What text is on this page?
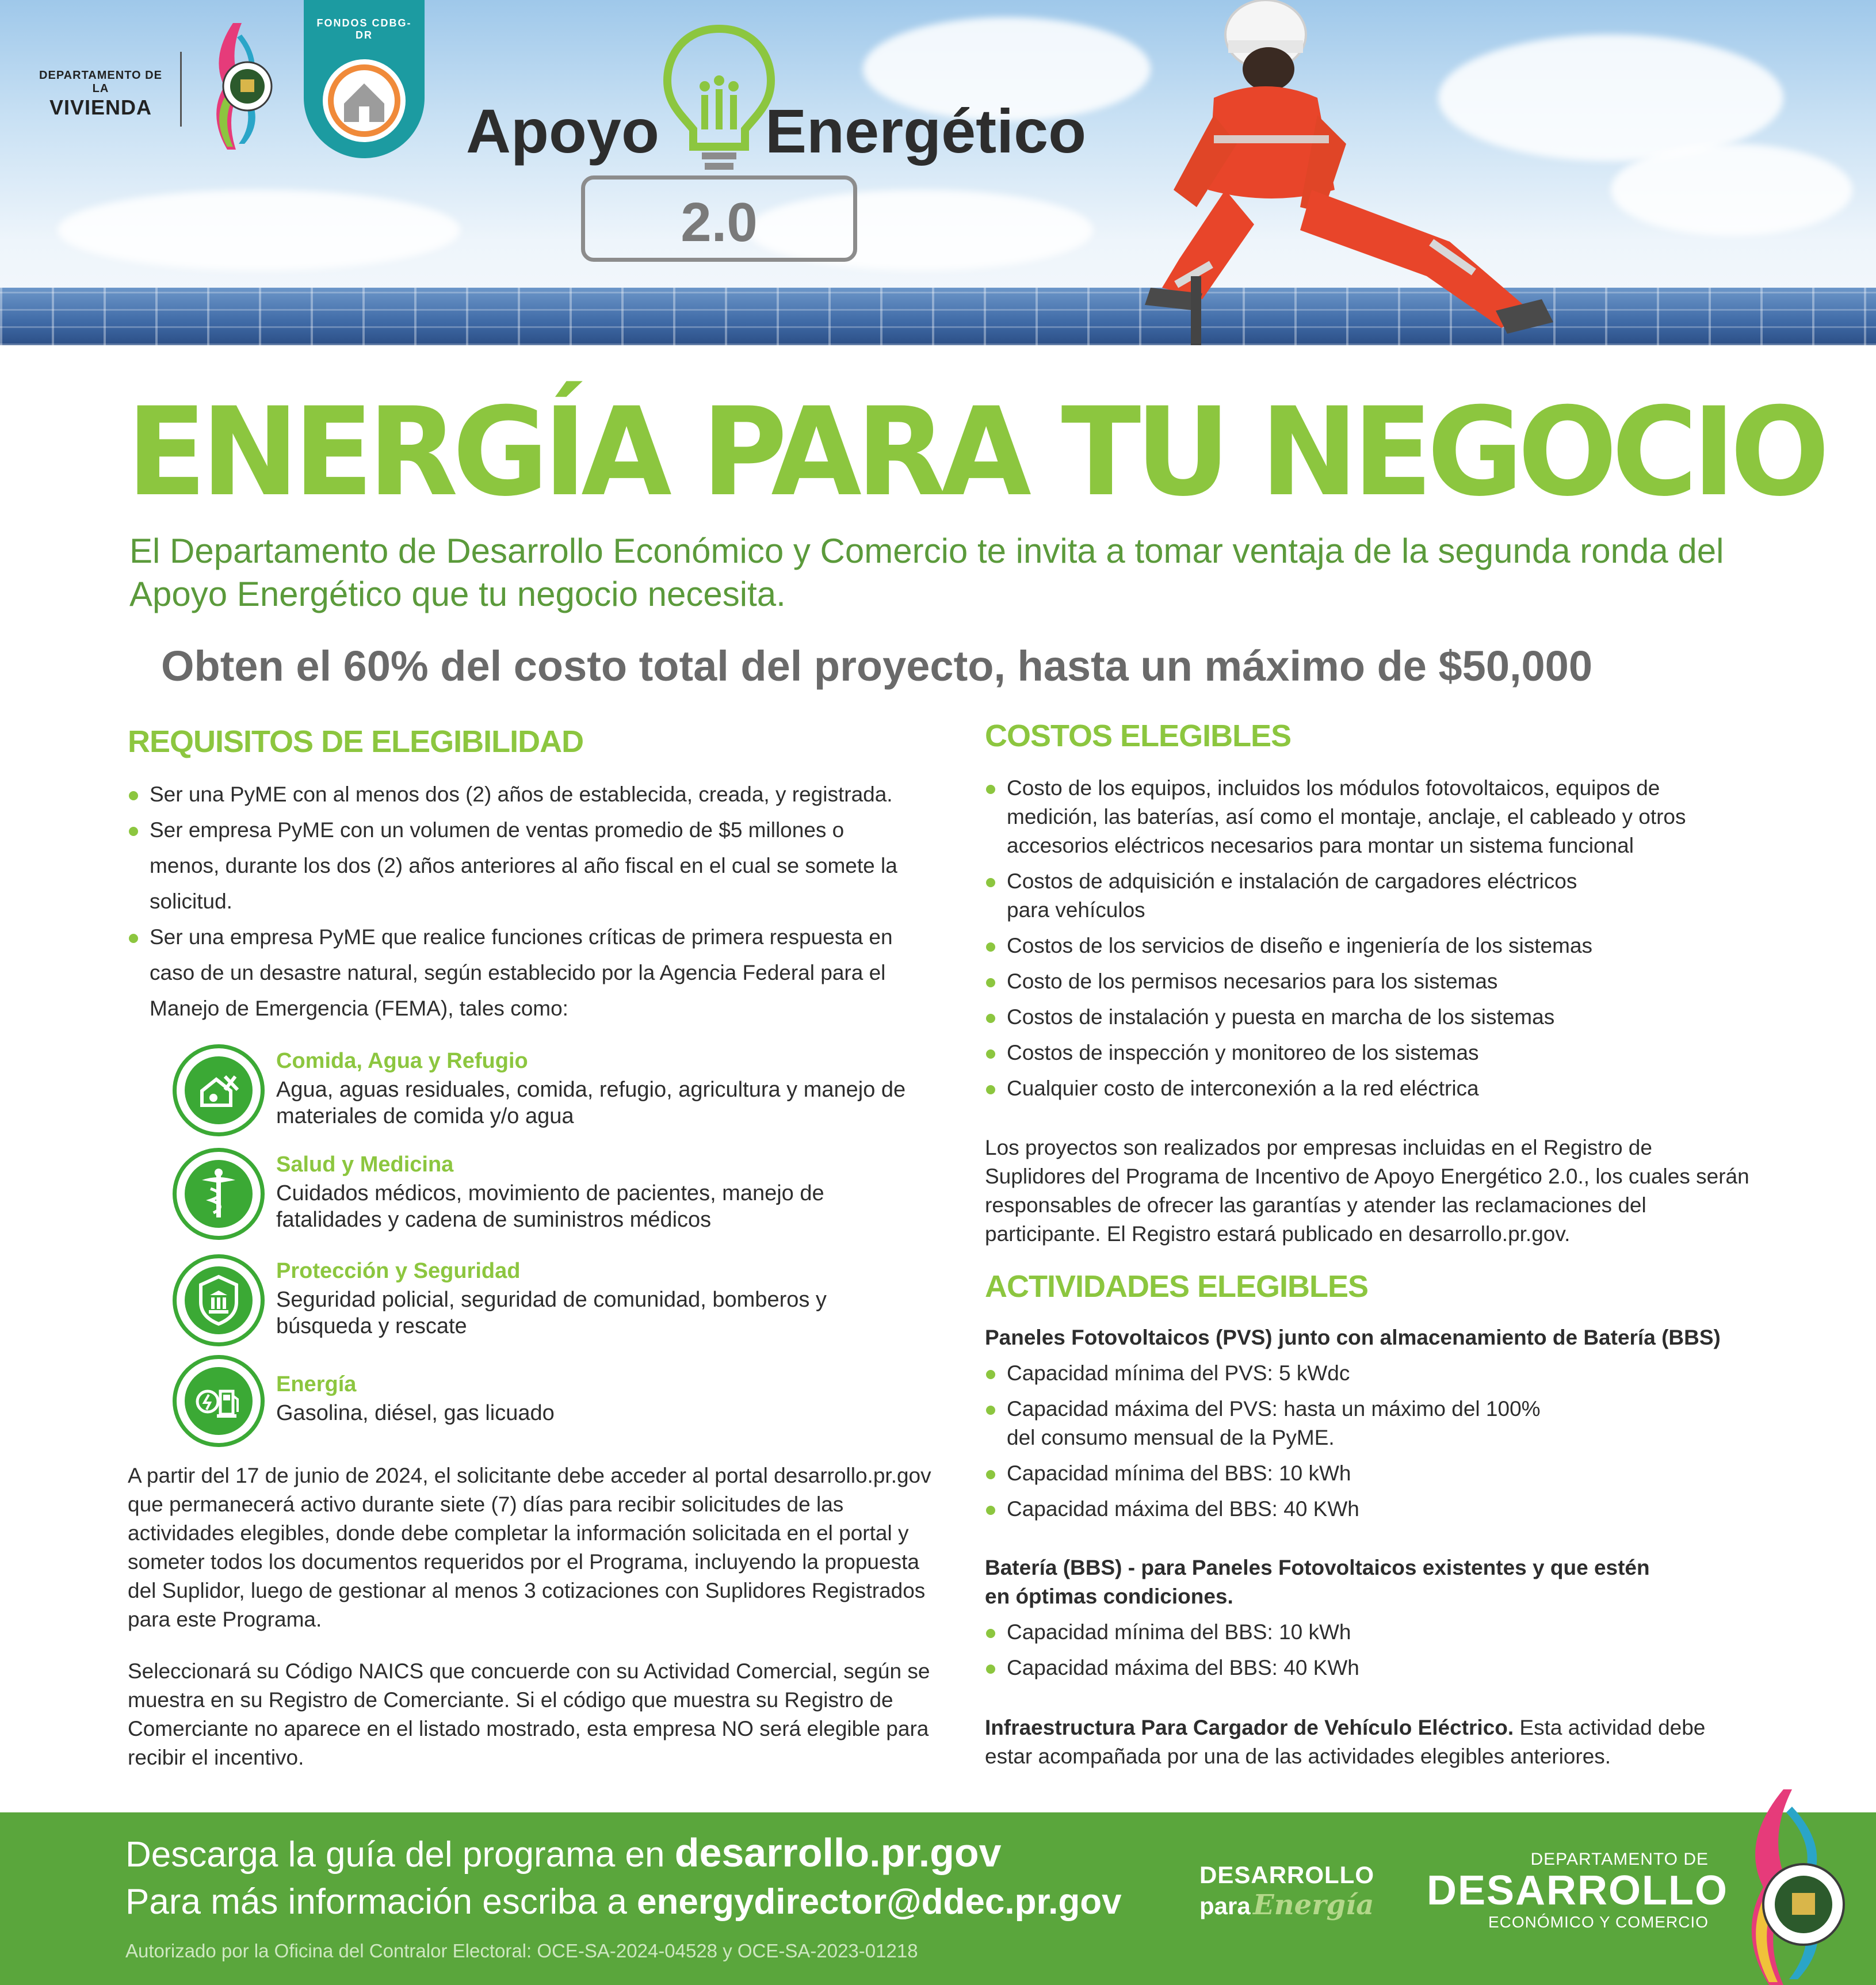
DEPARTAMENTO DE LA
VIVIENDA
FONDOS CDBG-DR
Apoyo Energético
2.0
ENERGÍA PARA TU NEGOCIO
El Departamento de Desarrollo Económico y Comercio te invita a tomar ventaja de la segunda ronda del Apoyo Energético que tu negocio necesita.
Obten el 60% del costo total del proyecto, hasta un máximo de $50,000
REQUISITOS DE ELEGIBILIDAD
Ser una PyME con al menos dos (2) años de establecida, creada, y registrada.
Ser empresa PyME con un volumen de ventas promedio de $5 millones o menos, durante los dos (2) años anteriores al año fiscal en el cual se somete la solicitud.
Ser una empresa PyME que realice funciones críticas de primera respuesta en caso de un desastre natural, según establecido por la Agencia Federal para el Manejo de Emergencia (FEMA), tales como:
Comida, Agua y Refugio
Agua, aguas residuales, comida, refugio, agricultura y manejo de materiales de comida y/o agua
Salud y Medicina
Cuidados médicos, movimiento de pacientes, manejo de fatalidades y cadena de suministros médicos
Protección y Seguridad
Seguridad policial, seguridad de comunidad, bomberos y búsqueda y rescate
Energía
Gasolina, diésel, gas licuado

A partir del 17 de junio de 2024, el solicitante debe acceder al portal desarrollo.pr.gov que permanecerá activo durante siete (7) días para recibir solicitudes de las actividades elegibles, donde debe completar la información solicitada en el portal y someter todos los documentos requeridos por el Programa, incluyendo la propuesta del Suplidor, luego de gestionar al menos 3 cotizaciones con Suplidores Registrados para este Programa.

Seleccionará su Código NAICS que concuerde con su Actividad Comercial, según se muestra en su Registro de Comerciante. Si el código que muestra su Registro de Comerciante no aparece en el listado mostrado, esta empresa NO será elegible para recibir el incentivo.

COSTOS ELEGIBLES
Costo de los equipos, incluidos los módulos fotovoltaicos, equipos de medición, las baterías, así como el montaje, anclaje, el cableado y otros accesorios eléctricos necesarios para montar un sistema funcional
Costos de adquisición e instalación de cargadores eléctricos para vehículos
Costos de los servicios de diseño e ingeniería de los sistemas
Costo de los permisos necesarios para los sistemas
Costos de instalación y puesta en marcha de los sistemas
Costos de inspección y monitoreo de los sistemas
Cualquier costo de interconexión a la red eléctrica

Los proyectos son realizados por empresas incluidas en el Registro de Suplidores del Programa de Incentivo de Apoyo Energético 2.0., los cuales serán responsables de ofrecer las garantías y atender las reclamaciones del participante. El Registro estará publicado en desarrollo.pr.gov.

ACTIVIDADES ELEGIBLES
Paneles Fotovoltaicos (PVS) junto con almacenamiento de Batería (BBS)
Capacidad mínima del PVS: 5 kWdc
Capacidad máxima del PVS: hasta un máximo del 100% del consumo mensual de la PyME.
Capacidad mínima del BBS: 10 kWh
Capacidad máxima del BBS: 40 KWh
Batería (BBS) - para Paneles Fotovoltaicos existentes y que estén en óptimas condiciones.
Capacidad mínima del BBS: 10 kWh
Capacidad máxima del BBS: 40 KWh

Infraestructura Para Cargador de Vehículo Eléctrico. Esta actividad debe estar acompañada por una de las actividades elegibles anteriores.

Descarga la guía del programa en desarrollo.pr.gov
Para más información escriba a energydirector@ddec.pr.gov
Autorizado por la Oficina del Contralor Electoral: OCE-SA-2024-04528 y OCE-SA-2023-01218
DESARROLLO
para Energía
DEPARTAMENTO DE
DESARROLLO
ECONÓMICO Y COMERCIO
